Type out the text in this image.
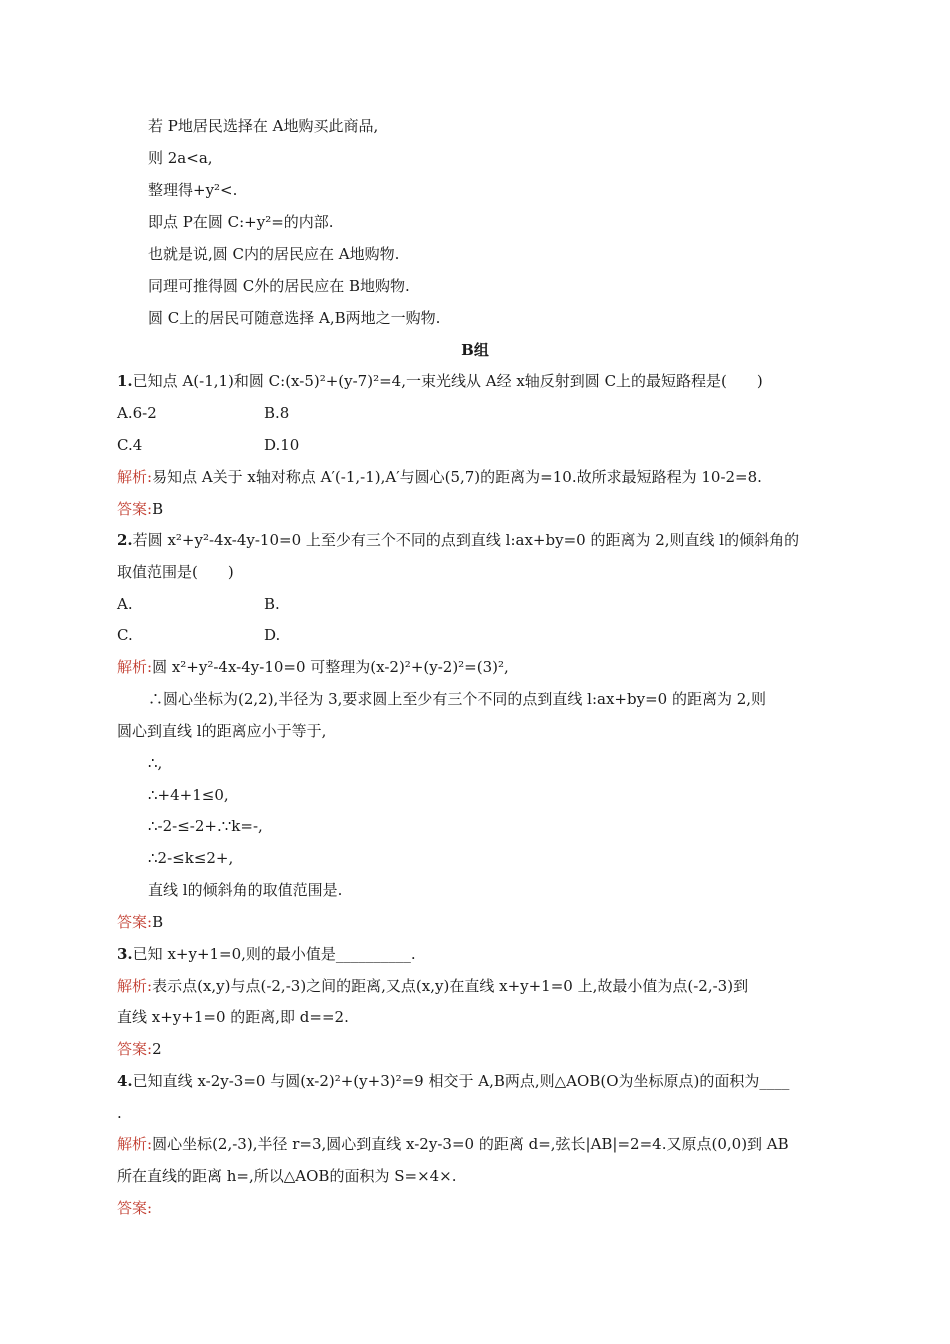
若 P地居民选择在 A地购买此商品,
则 2a<a,
整理得+y²<.
即点 P在圆 C:+y²=的内部.
也就是说,圆 C内的居民应在 A地购物.
同理可推得圆 C外的居民应在 B地购物.
圆 C上的居民可随意选择 A,B两地之一购物.
B组
1.已知点 A(-1,1)和圆 C:(x-5)²+(y-7)²=4,一束光线从 A经 x轴反射到圆 C上的最短路程是(　　)
A.6-2	B.8
C.4	D.10
解析:易知点 A关于 x轴对称点 A′(-1,-1),A′与圆心(5,7)的距离为=10.故所求最短路程为 10-2=8.
答案:B
2.若圆 x²+y²-4x-4y-10=0 上至少有三个不同的点到直线 l:ax+by=0 的距离为 2,则直线 l的倾斜角的
取值范围是(　　)
A.	B.
C.	D.
解析:圆 x²+y²-4x-4y-10=0 可整理为(x-2)²+(y-2)²=(3)²,
∴圆心坐标为(2,2),半径为 3,要求圆上至少有三个不同的点到直线 l:ax+by=0 的距离为 2,则
圆心到直线 l的距离应小于等于,
∴,
∴+4+1≤0,
∴-2-≤-2+.∵k=-,
∴2-≤k≤2+,
直线 l的倾斜角的取值范围是.
答案:B
3.已知 x+y+1=0,则的最小值是__________.
解析:表示点(x,y)与点(-2,-3)之间的距离,又点(x,y)在直线 x+y+1=0 上,故最小值为点(-2,-3)到
直线 x+y+1=0 的距离,即 d==2.
答案:2
4.已知直线 x-2y-3=0 与圆(x-2)²+(y+3)²=9 相交于 A,B两点,则△AOB(O为坐标原点)的面积为____
.
解析:圆心坐标(2,-3),半径 r=3,圆心到直线 x-2y-3=0 的距离 d=,弦长|AB|=2=4.又原点(0,0)到 AB
所在直线的距离 h=,所以△AOB的面积为 S=×4×.
答案:
